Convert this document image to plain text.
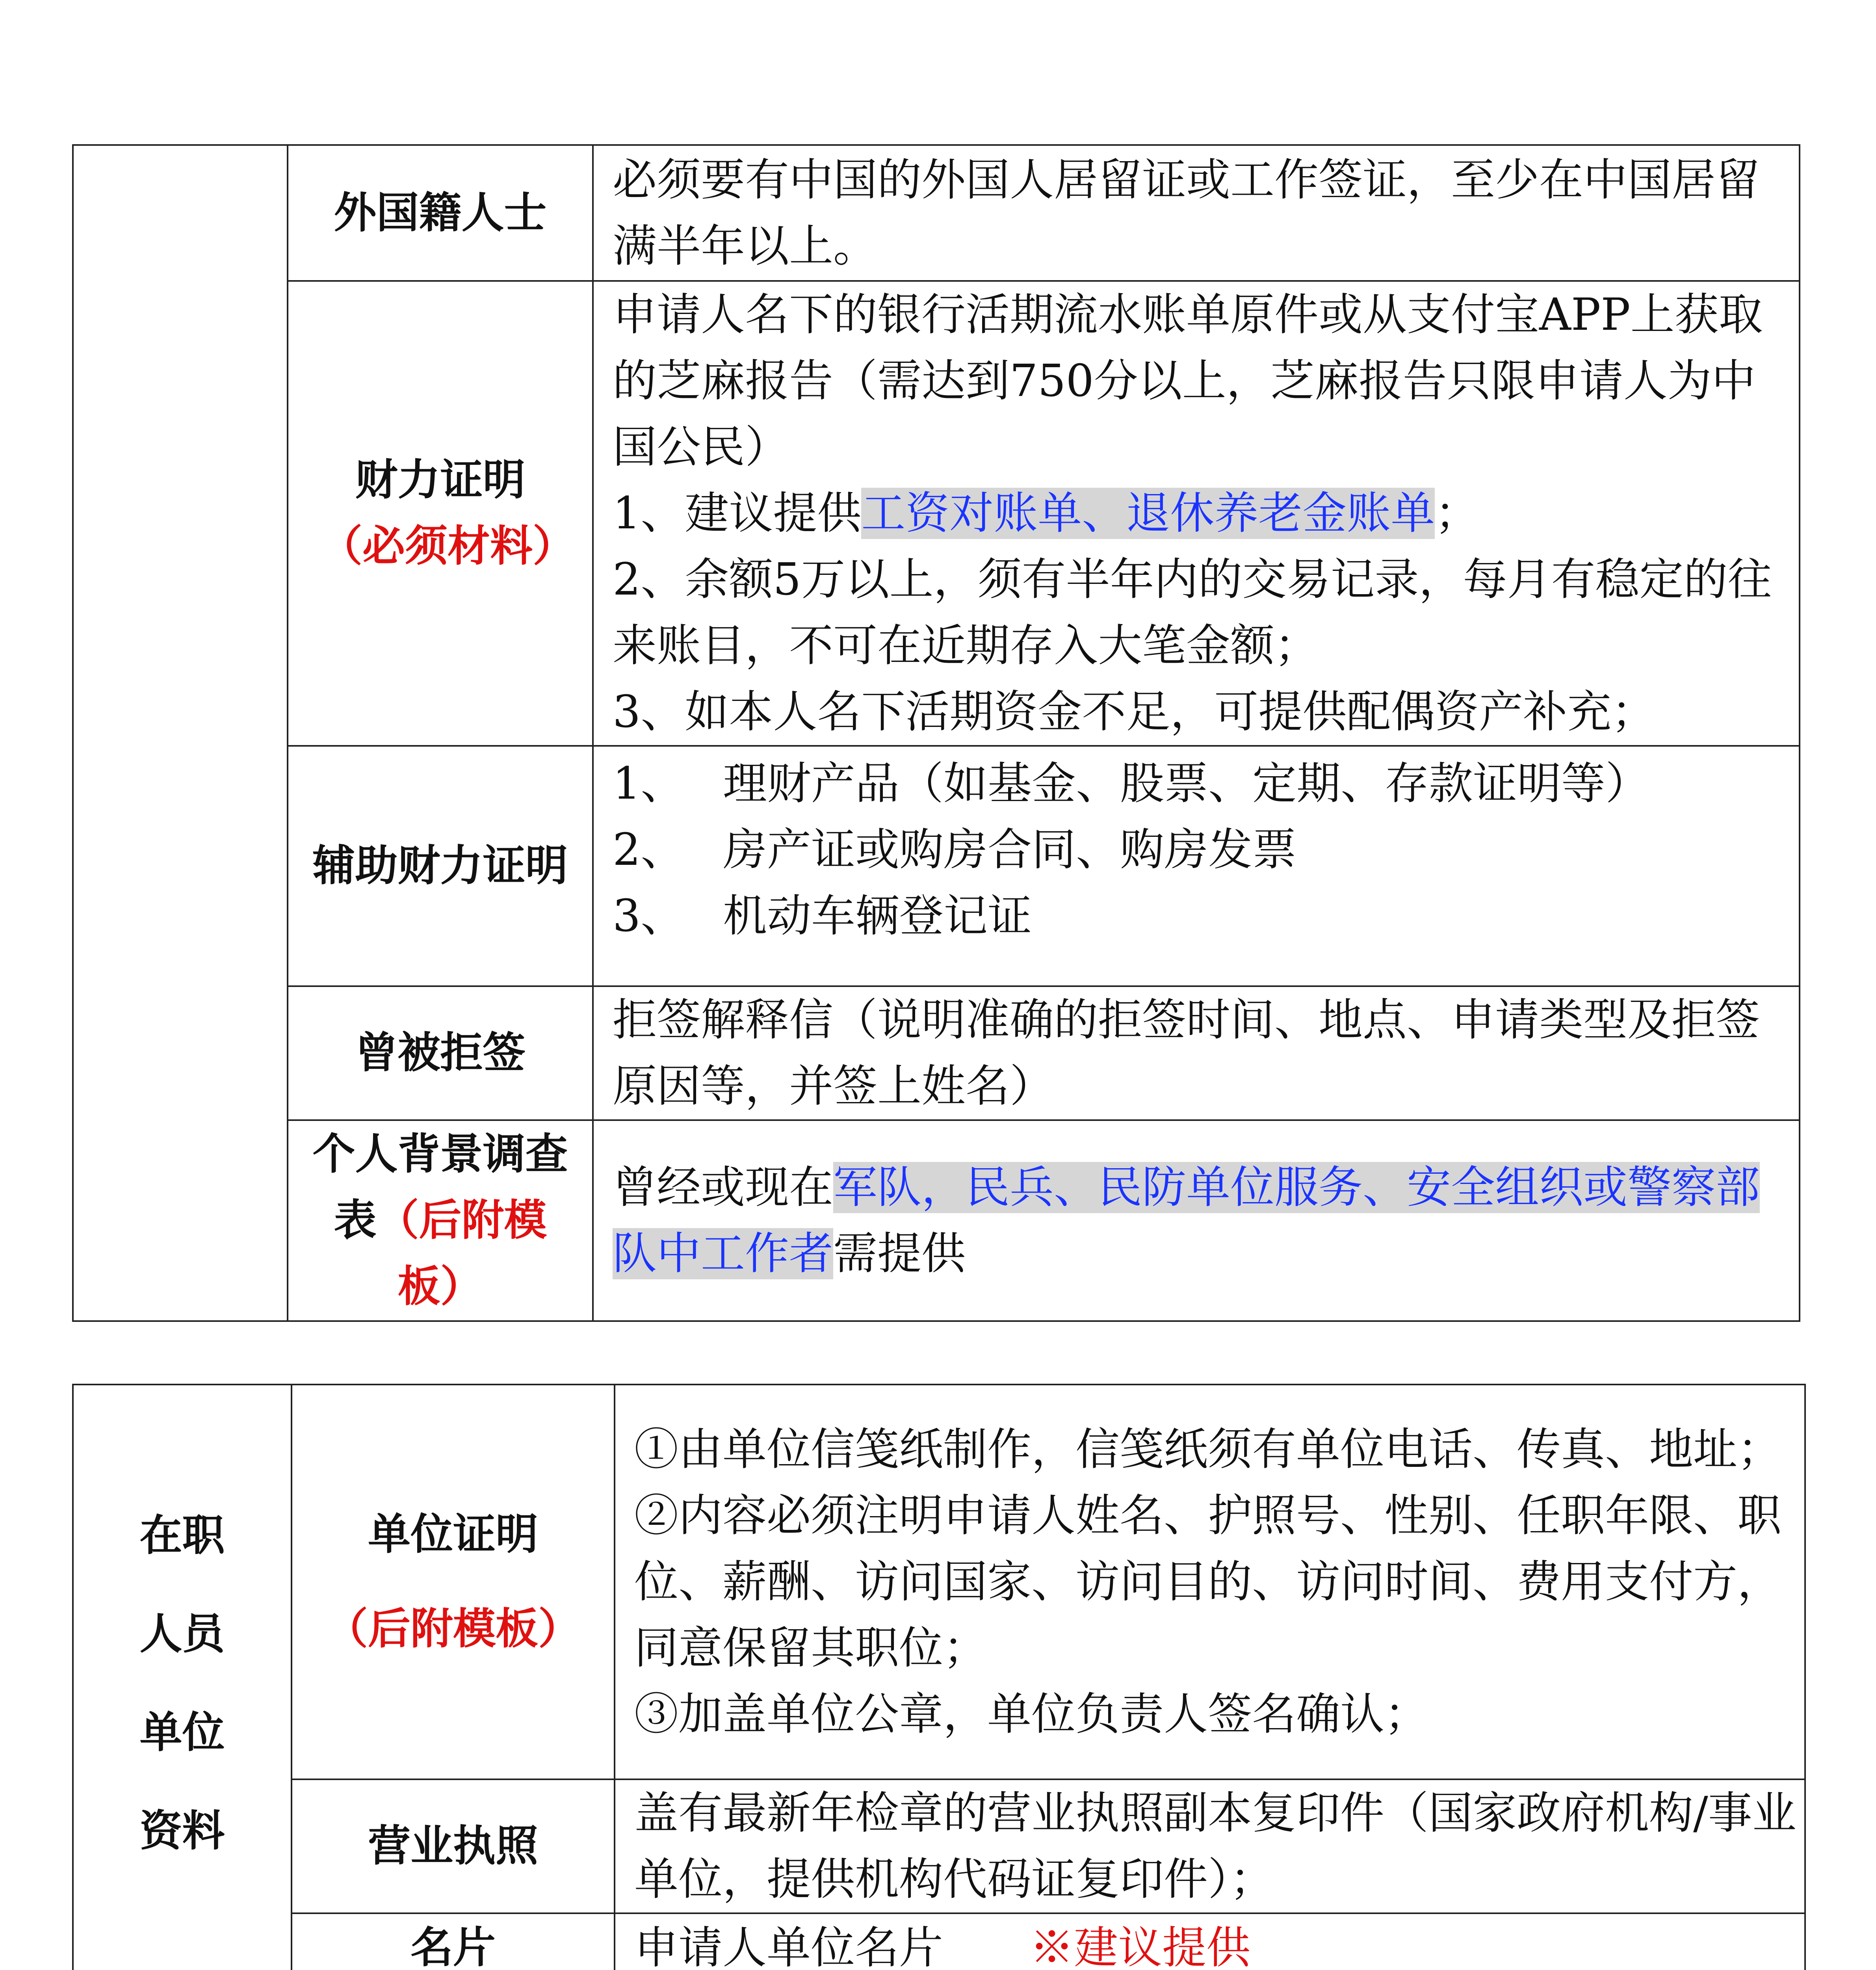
	外国籍人士	必须要有中国的外国人居留证或工作签证，至少在中国居留满半年以上。

	财力证明
（必须材料）	申请人名下的银行活期流水账单原件或从支付宝APP上获取的芝麻报告（需达到750分以上，芝麻报告只限申请人为中国公民）
1、建议提供工资对账单、退休养老金账单；
2、余额5万以上，须有半年内的交易记录，每月有稳定的往来账目，不可在近期存入大笔金额；
3、如本人名下活期资金不足，可提供配偶资产补充；

	辅助财力证明	1、 理财产品（如基金、股票、定期、存款证明等）
2、 房产证或购房合同、购房发票
3、 机动车辆登记证

	曾被拒签	拒签解释信（说明准确的拒签时间、地点、申请类型及拒签原因等，并签上姓名）

	个人背景调查表（后附模板）	曾经或现在军队，民兵、民防单位服务、安全组织或警察部队中工作者需提供
在职人员单位资料	单位证明
（后附模板）	①由单位信笺纸制作，信笺纸须有单位电话、传真、地址；
②内容必须注明申请人姓名、护照号、性别、任职年限、职位、薪酬、访问国家、访问目的、访问时间、费用支付方，同意保留其职位；
③加盖单位公章，单位负责人签名确认；

	营业执照	盖有最新年检章的营业执照副本复印件（国家政府机构/事业单位，提供机构代码证复印件）；

	名片	申请人单位名片 ※建议提供
